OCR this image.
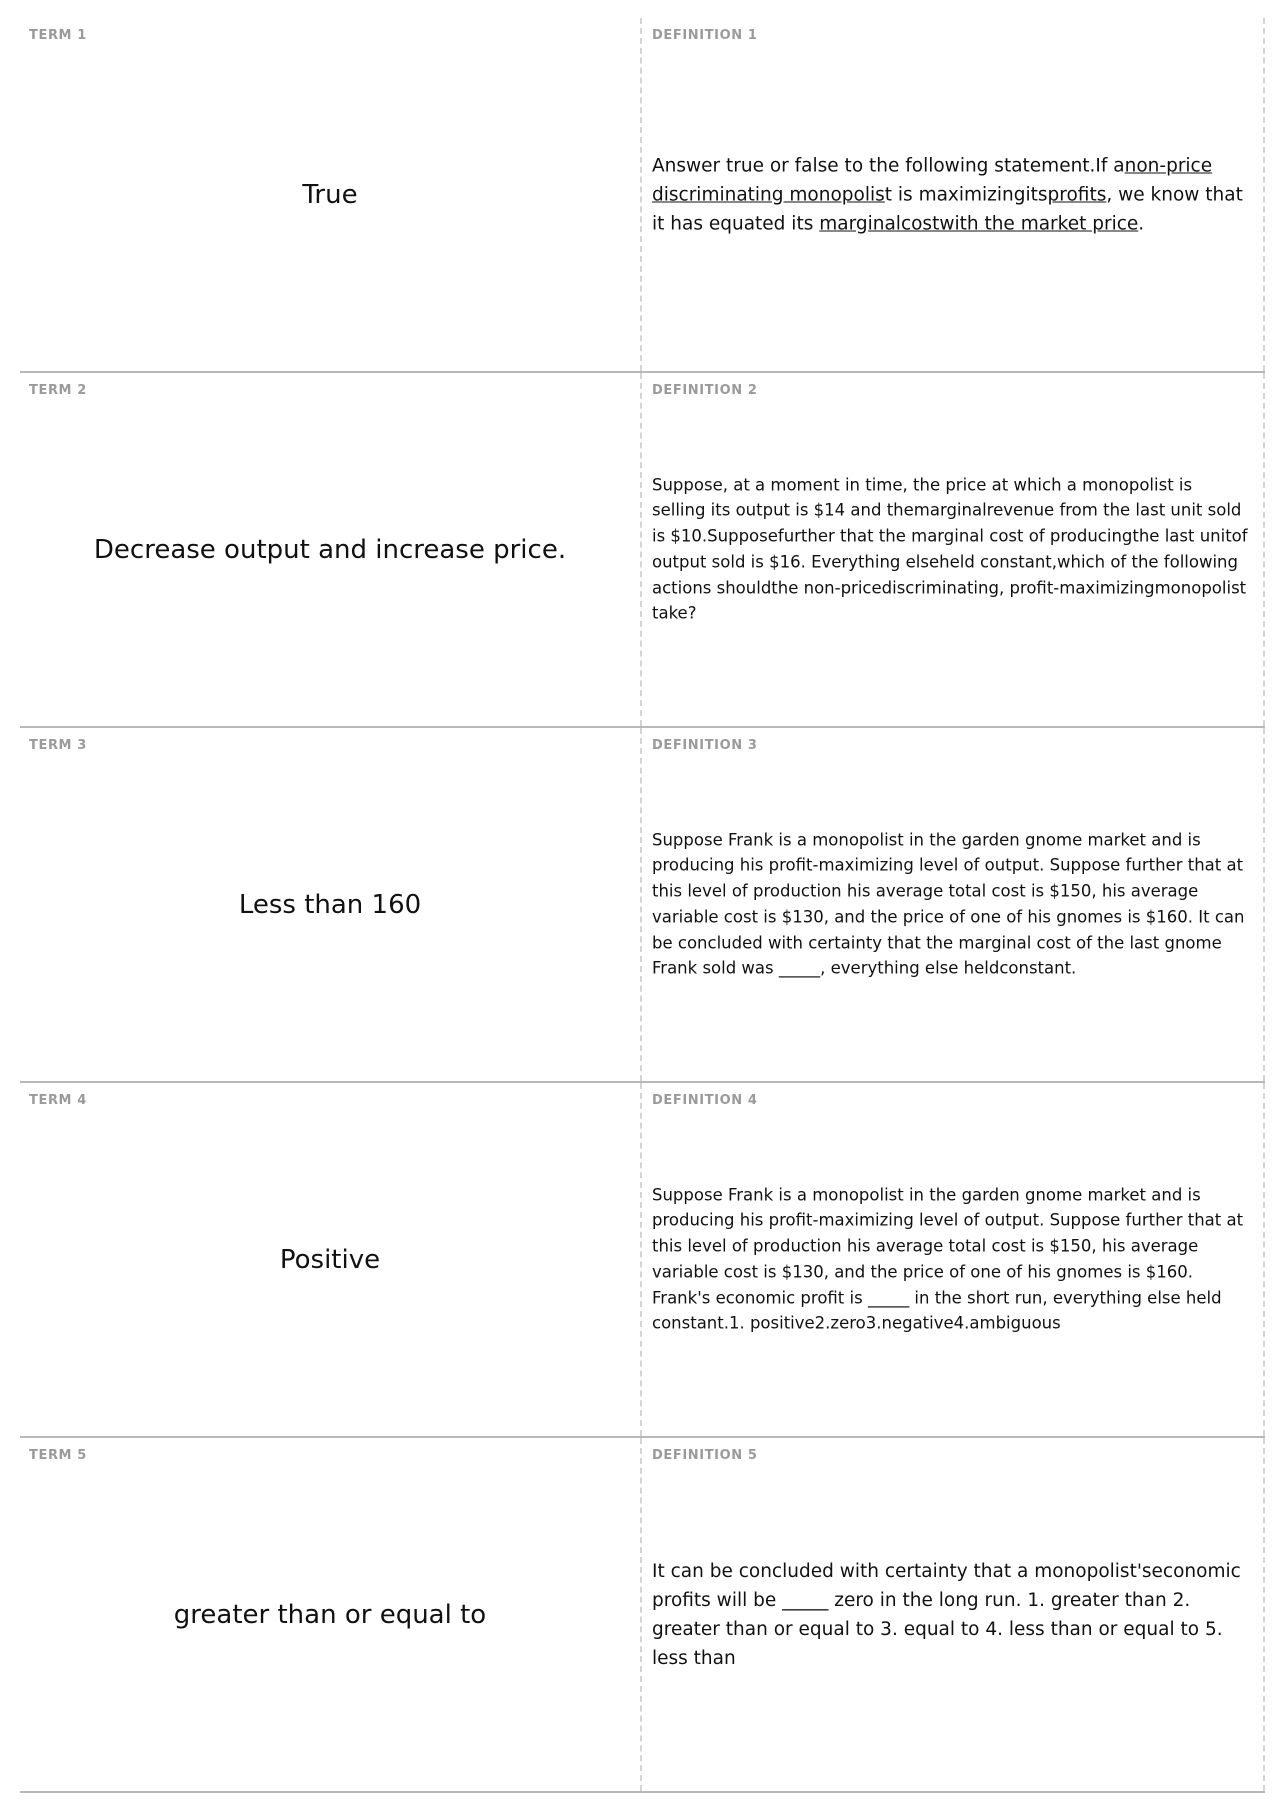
TERM 1
True
DEFINITION 1
Answer true or false to the following statement.If anon-price discriminating monopolist is maximizingitsprofits, we know that it has equated its marginalcostwith the market price.
TERM 2
Decrease output and increase price.
DEFINITION 2
Suppose, at a moment in time, the price at which a monopolist is selling its output is $14 and themarginalrevenue from the last unit sold is $10.Supposefurther that the marginal cost of producingthe last unitof output sold is $16. Everything elseheld constant,which of the following actions shouldthe non-pricediscriminating, profit-maximizingmonopolist take?
TERM 3
Less than 160
DEFINITION 3
Suppose Frank is a monopolist in the garden gnome market and is producing his profit-maximizing level of output. Suppose further that at this level of production his average total cost is $150, his average variable cost is $130, and the price of one of his gnomes is $160. It can be concluded with certainty that the marginal cost of the last gnome Frank sold was _____, everything else heldconstant.
TERM 4
Positive
DEFINITION 4
Suppose Frank is a monopolist in the garden gnome market and is producing his profit-maximizing level of output. Suppose further that at this level of production his average total cost is $150, his average variable cost is $130, and the price of one of his gnomes is $160. Frank's economic profit is _____ in the short run, everything else held constant.1. positive2.zero3.negative4.ambiguous
TERM 5
greater than or equal to
DEFINITION 5
It can be concluded with certainty that a monopolist'seconomic profits will be _____ zero in the long run. 1. greater than 2. greater than or equal to 3. equal to 4. less than or equal to 5. less than
